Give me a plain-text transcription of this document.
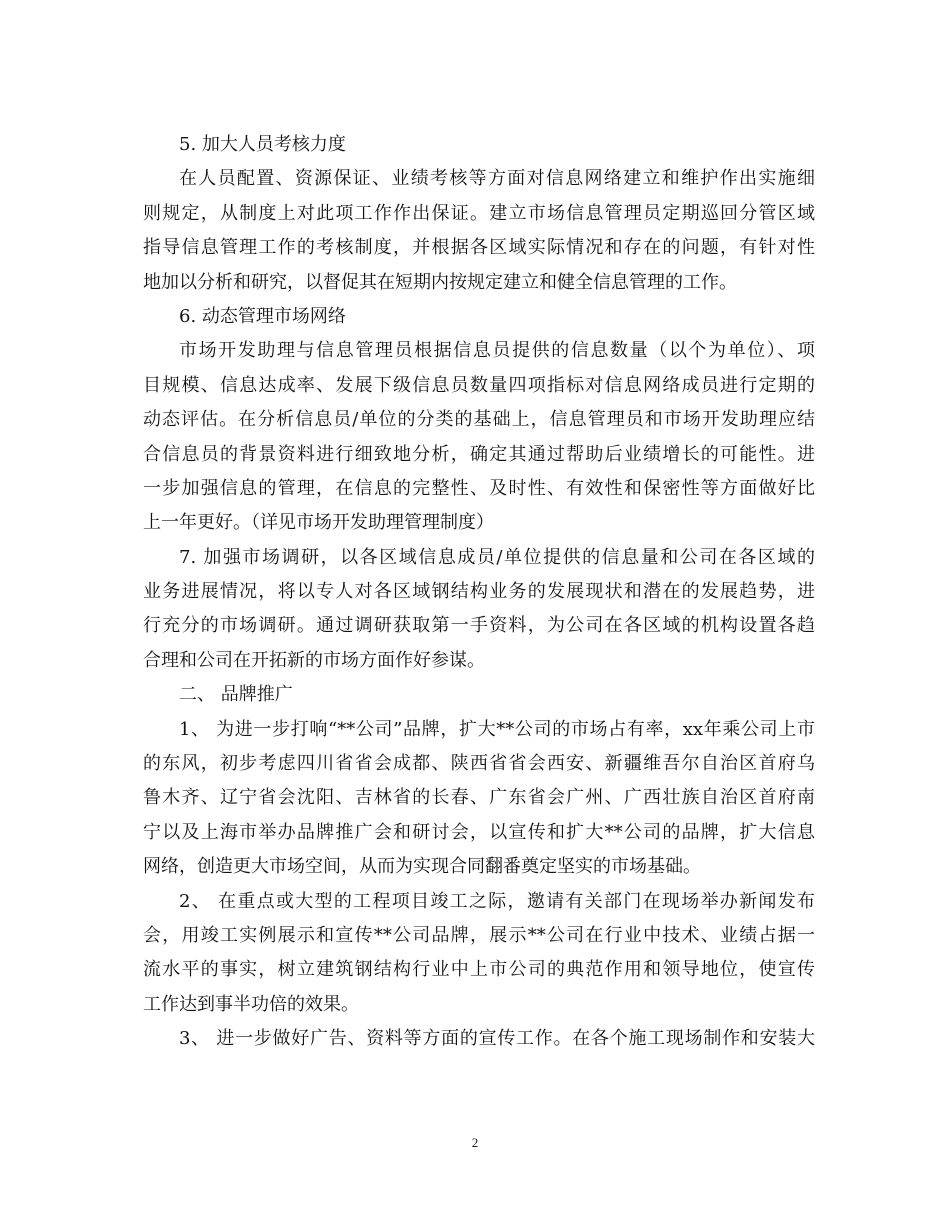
5. 加大人员考核力度
在人员配置、资源保证、业绩考核等方面对信息网络建立和维护作出实施细
则规定，从制度上对此项工作作出保证。建立市场信息管理员定期巡回分管区域
指导信息管理工作的考核制度，并根据各区域实际情况和存在的问题，有针对性
地加以分析和研究，以督促其在短期内按规定建立和健全信息管理的工作。
6. 动态管理市场网络
市场开发助理与信息管理员根据信息员提供的信息数量（以个为单位）、项
目规模、信息达成率、发展下级信息员数量四项指标对信息网络成员进行定期的
动态评估。在分析信息员/单位的分类的基础上，信息管理员和市场开发助理应结
合信息员的背景资料进行细致地分析，确定其通过帮助后业绩增长的可能性。进
一步加强信息的管理，在信息的完整性、及时性、有效性和保密性等方面做好比
上一年更好。（详见市场开发助理管理制度）
7. 加强市场调研，以各区域信息成员/单位提供的信息量和公司在各区域的
业务进展情况，将以专人对各区域钢结构业务的发展现状和潜在的发展趋势，进
行充分的市场调研。通过调研获取第一手资料，为公司在各区域的机构设置各趋
合理和公司在开拓新的市场方面作好参谋。
二、 品牌推广
1、 为进一步打响“**公司”品牌，扩大**公司的市场占有率，xx年乘公司上市
的东风，初步考虑四川省省会成都、陕西省省会西安、新疆维吾尔自治区首府乌
鲁木齐、辽宁省会沈阳、吉林省的长春、广东省会广州、广西壮族自治区首府南
宁以及上海市举办品牌推广会和研讨会，以宣传和扩大**公司的品牌，扩大信息
网络，创造更大市场空间，从而为实现合同翻番奠定坚实的市场基础。
2、 在重点或大型的工程项目竣工之际，邀请有关部门在现场举办新闻发布
会，用竣工实例展示和宣传**公司品牌，展示**公司在行业中技术、业绩占据一
流水平的事实，树立建筑钢结构行业中上市公司的典范作用和领导地位，使宣传
工作达到事半功倍的效果。
3、 进一步做好广告、资料等方面的宣传工作。在各个施工现场制作和安装大
2
